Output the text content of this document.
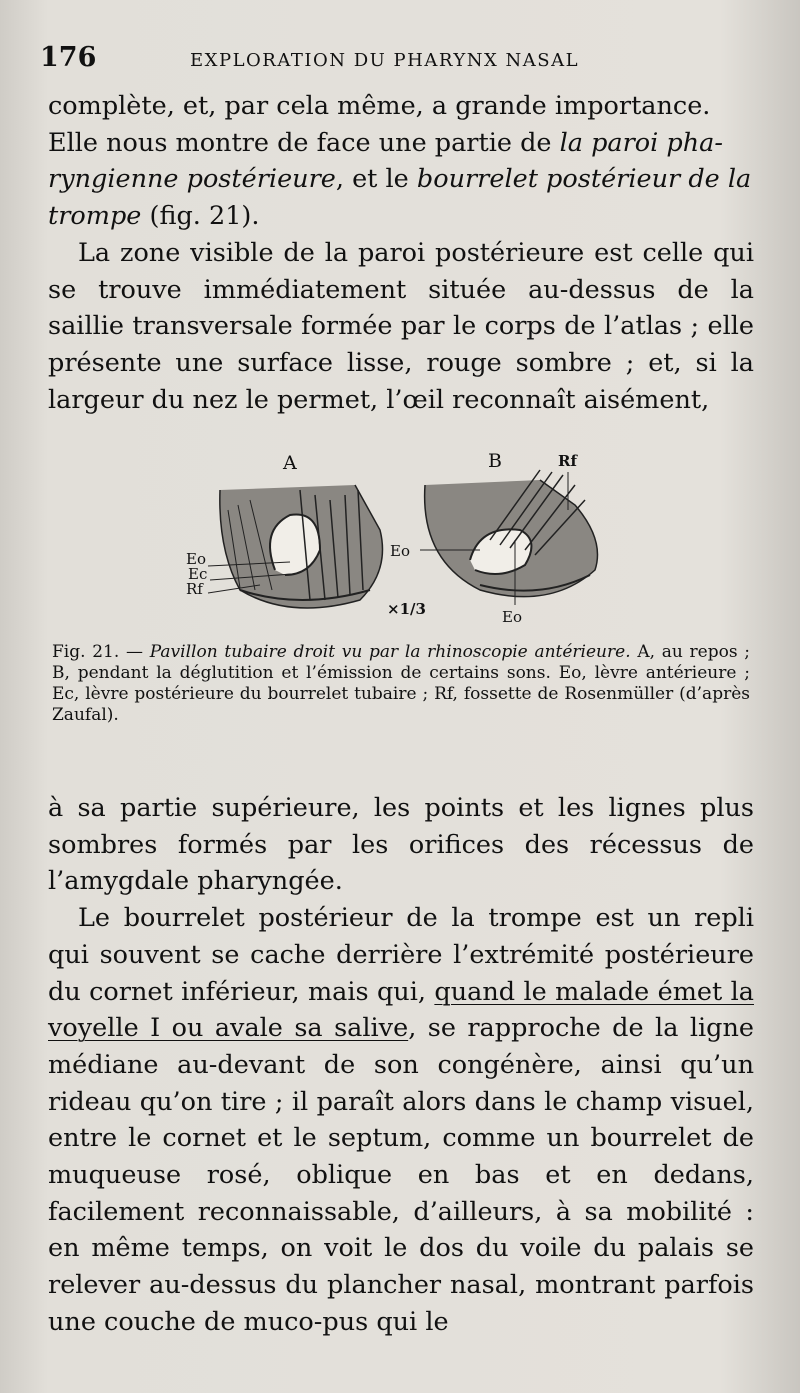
176	EXPLORATION DU PHARYNX NASAL

complète, et, par cela même, a grande importance.

Elle nous montre de face une partie de la paroi pha-

ryngienne postérieure, et le bourrelet postérieur de la

trompe (fig. 21).

La zone visible de la paroi postérieure est celle qui se trouve immédiatement située au-dessus de la saillie transversale formée par le corps de l’atlas ; elle présente une surface lisse, rouge sombre ; et, si la largeur du nez le permet, l’œil reconnaît aisément,

A	B	Rf
Eo
Ec
Rf
Eo
Eo
×1/3
Fig. 21. — Pavillon tubaire droit vu par la rhinoscopie antérieure. A, au repos ; B, pendant la déglutition et l’émission de certains sons. Eo, lèvre antérieure ; Ec, lèvre postérieure du bourrelet tubaire ; Rf, fossette de Rosenmüller (d’après Zaufal).

à sa partie supérieure, les points et les lignes plus sombres formés par les orifices des récessus de l’amygdale pharyngée.

Le bourrelet postérieur de la trompe est un repli qui souvent se cache derrière l’extrémité postérieure du cornet inférieur, mais qui, quand le malade émet la voyelle I ou avale sa salive, se rapproche de la ligne médiane au-devant de son congénère, ainsi qu’un rideau qu’on tire ; il paraît alors dans le champ visuel, entre le cornet et le septum, comme un bourrelet de muqueuse rosé, oblique en bas et en dedans, facilement reconnaissable, d’ailleurs, à sa mobilité : en même temps, on voit le dos du voile du palais se relever au-dessus du plancher nasal, montrant parfois une couche de muco-pus qui le
